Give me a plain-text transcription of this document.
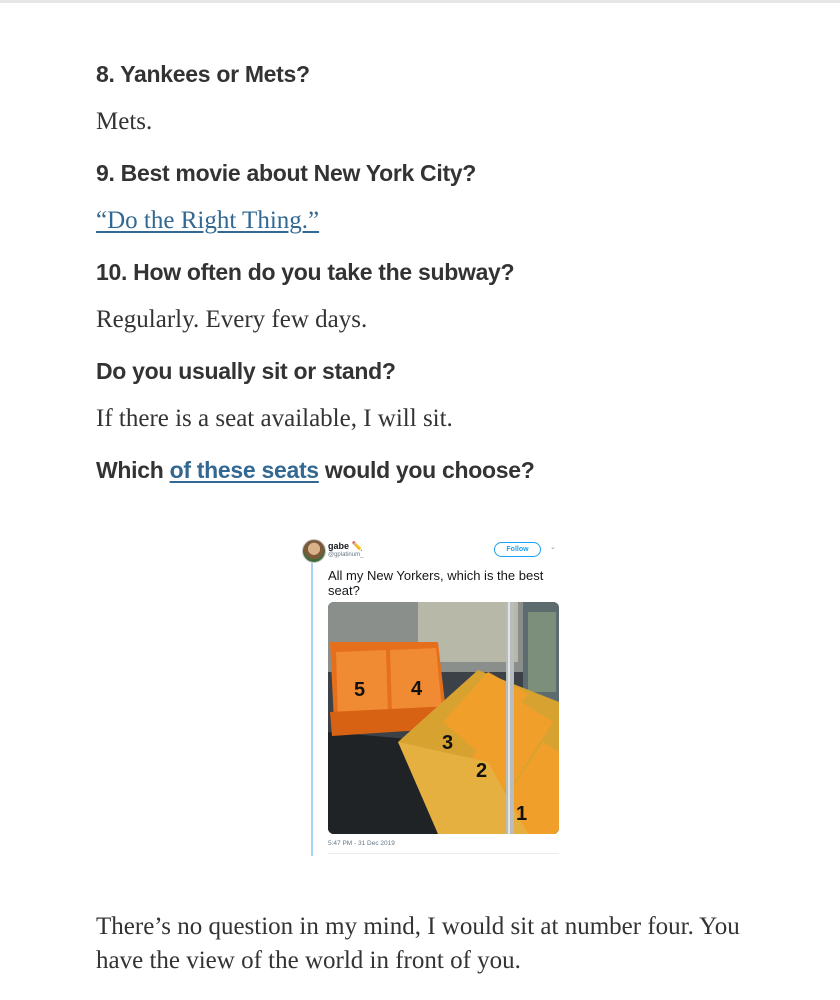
8. Yankees or Mets?

Mets.

9. Best movie about New York City?

“Do the Right Thing.”

10. How often do you take the subway?

Regularly. Every few days.

Do you usually sit or stand?

If there is a seat available, I will sit.

Which of these seats would you choose?
gabe ✏️
@gplatinum_
Follow	⌄
All my New Yorkers, which is the best seat?
5 4
3
2
1
5:47 PM - 31 Dec 2019

There’s no question in my mind, I would sit at number four. You have the view of the world in front of you.
